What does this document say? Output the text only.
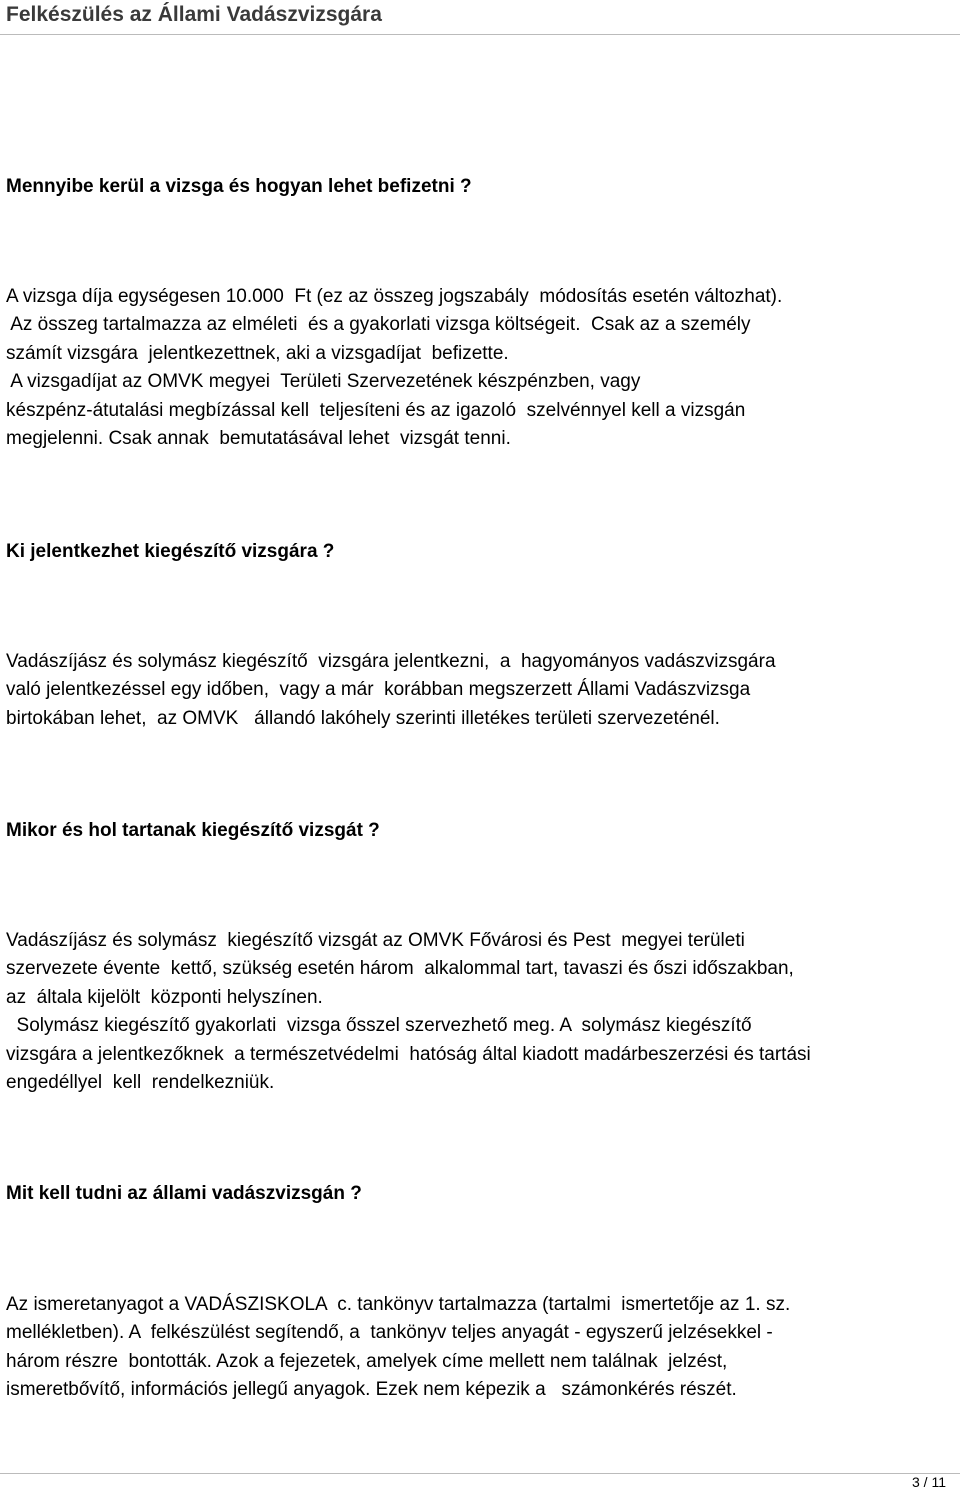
Felkészülés az Állami Vadászvizsgára
Mennyibe kerül a vizsga és hogyan lehet befizetni ?
A vizsga díja egységesen 10.000  Ft (ez az összeg jogszabály  módosítás esetén változhat).
Az összeg tartalmazza az elméleti  és a gyakorlati vizsga költségeit.  Csak az a személy
számít vizsgára  jelentkezettnek, aki a vizsgadíjat  befizette.
A vizsgadíjat az OMVK megyei  Területi Szervezetének készpénzben, vagy
készpénz-átutalási megbízással kell  teljesíteni és az igazoló  szelvénnyel kell a vizsgán
megjelenni. Csak annak  bemutatásával lehet  vizsgát tenni.
Ki jelentkezhet kiegészítő vizsgára ?
Vadászíjász és solymász kiegészítő  vizsgára jelentkezni,  a  hagyományos vadászvizsgára
való jelentkezéssel egy időben,  vagy a már  korábban megszerzett Állami Vadászvizsga
birtokában lehet,  az OMVK   állandó lakóhely szerinti illetékes területi szervezeténél.
Mikor és hol tartanak kiegészítő vizsgát ?
Vadászíjász és solymász  kiegészítő vizsgát az OMVK Fővárosi és Pest  megyei területi
szervezete évente  kettő, szükség esetén három  alkalommal tart, tavaszi és őszi időszakban,
az  általa kijelölt  központi helyszínen.
Solymász kiegészítő gyakorlati  vizsga ősszel szervezhető meg. A  solymász kiegészítő
vizsgára a jelentkezőknek  a természetvédelmi  hatóság által kiadott madárbeszerzési és tartási
engedéllyel  kell  rendelkezniük.
Mit kell tudni az állami vadászvizsgán ?
Az ismeretanyagot a VADÁSZISKOLA  c. tankönyv tartalmazza (tartalmi  ismertetője az 1. sz.
mellékletben). A  felkészülést segítendő, a  tankönyv teljes anyagát - egyszerű jelzésekkel -
három részre  bontották. Azok a fejezetek, amelyek címe mellett nem találnak  jelzést,
ismeretbővítő, információs jellegű anyagok. Ezek nem képezik a   számonkérés részét.
3 / 11
